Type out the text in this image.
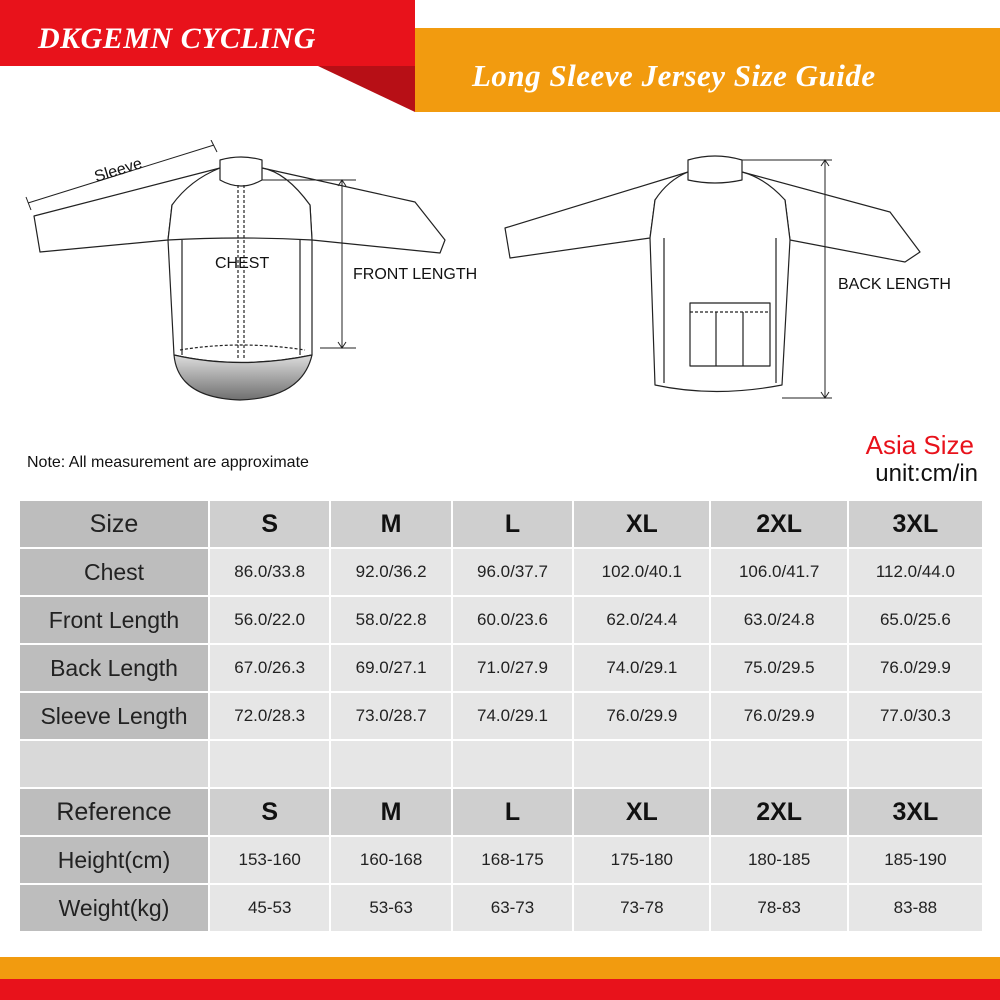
DKGEMN CYCLING
Long Sleeve Jersey Size Guide
Sleeve
CHEST
FRONT LENGTH
BACK LENGTH
Note: All measurement are approximate
Asia Size
unit:cm/in
Size	S	M	L	XL	2XL	3XL
Chest	86.0/33.8	92.0/36.2	96.0/37.7	102.0/40.1	106.0/41.7	112.0/44.0
Front Length	56.0/22.0	58.0/22.8	60.0/23.6	62.0/24.4	63.0/24.8	65.0/25.6
Back Length	67.0/26.3	69.0/27.1	71.0/27.9	74.0/29.1	75.0/29.5	76.0/29.9
Sleeve Length	72.0/28.3	73.0/28.7	74.0/29.1	76.0/29.9	76.0/29.9	77.0/30.3

Reference	S	M	L	XL	2XL	3XL
Height(cm)	153-160	160-168	168-175	175-180	180-185	185-190
Weight(kg)	45-53	53-63	63-73	73-78	78-83	83-88
